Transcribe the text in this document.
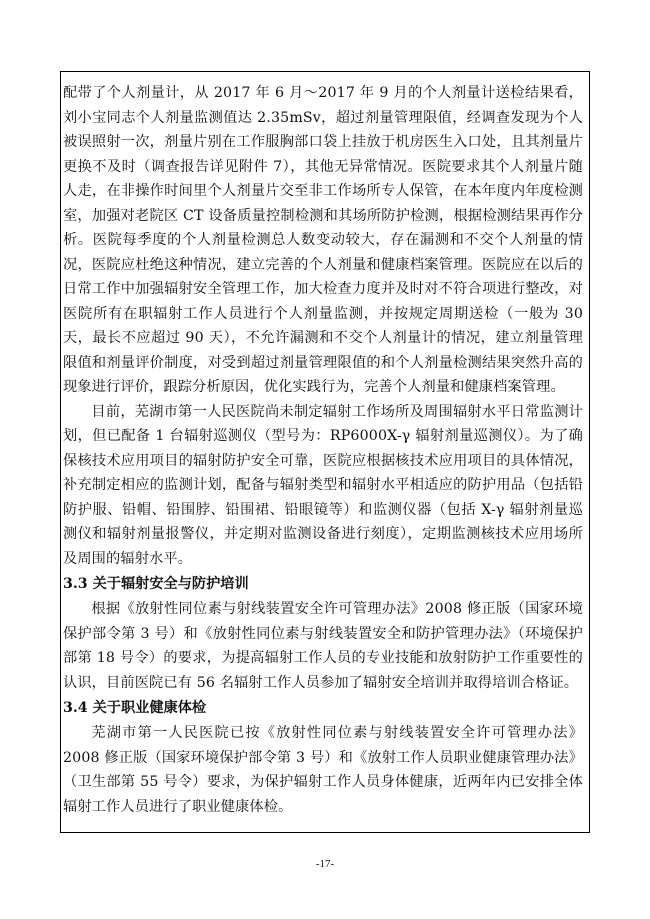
配带了个人剂量计，从 2017 年 6 月～2017 年 9 月的个人剂量计送检结果看，刘小宝同志个人剂量监测值达 2.35mSv，超过剂量管理限值，经调查发现为个人被误照射一次，剂量片别在工作服胸部口袋上挂放于机房医生入口处，且其剂量片更换不及时（调查报告详见附件 7），其他无异常情况。医院要求其个人剂量片随人走，在非操作时间里个人剂量片交至非工作场所专人保管，在本年度内年度检测室，加强对老院区 CT 设备质量控制检测和其场所防护检测，根据检测结果再作分析。医院每季度的个人剂量检测总人数变动较大，存在漏测和不交个人剂量的情况，医院应杜绝这种情况，建立完善的个人剂量和健康档案管理。医院应在以后的日常工作中加强辐射安全管理工作，加大检查力度并及时对不符合项进行整改，对医院所有在职辐射工作人员进行个人剂量监测，并按规定周期送检（一般为 30 天，最长不应超过 90 天），不允许漏测和不交个人剂量计的情况，建立剂量管理限值和剂量评价制度，对受到超过剂量管理限值的和个人剂量检测结果突然升高的现象进行评价，跟踪分析原因，优化实践行为，完善个人剂量和健康档案管理。

目前，芜湖市第一人民医院尚未制定辐射工作场所及周围辐射水平日常监测计划，但已配备 1 台辐射巡测仪（型号为：RP6000X-γ 辐射剂量巡测仪）。为了确保核技术应用项目的辐射防护安全可靠，医院应根据核技术应用项目的具体情况，补充制定相应的监测计划，配备与辐射类型和辐射水平相适应的防护用品（包括铅防护服、铅帽、铅围脖、铅围裙、铅眼镜等）和监测仪器（包括 X-γ 辐射剂量巡测仪和辐射剂量报警仪，并定期对监测设备进行刻度），定期监测核技术应用场所及周围的辐射水平。

3.3 关于辐射安全与防护培训

根据《放射性同位素与射线装置安全许可管理办法》2008 修正版（国家环境保护部令第 3 号）和《放射性同位素与射线装置安全和防护管理办法》（环境保护部第 18 号令）的要求，为提高辐射工作人员的专业技能和放射防护工作重要性的认识，目前医院已有 56 名辐射工作人员参加了辐射安全培训并取得培训合格证。

3.4 关于职业健康体检

芜湖市第一人民医院已按《放射性同位素与射线装置安全许可管理办法》2008 修正版（国家环境保护部令第 3 号）和《放射工作人员职业健康管理办法》（卫生部第 55 号令）要求，为保护辐射工作人员身体健康，近两年内已安排全体辐射工作人员进行了职业健康体检。

-17-
